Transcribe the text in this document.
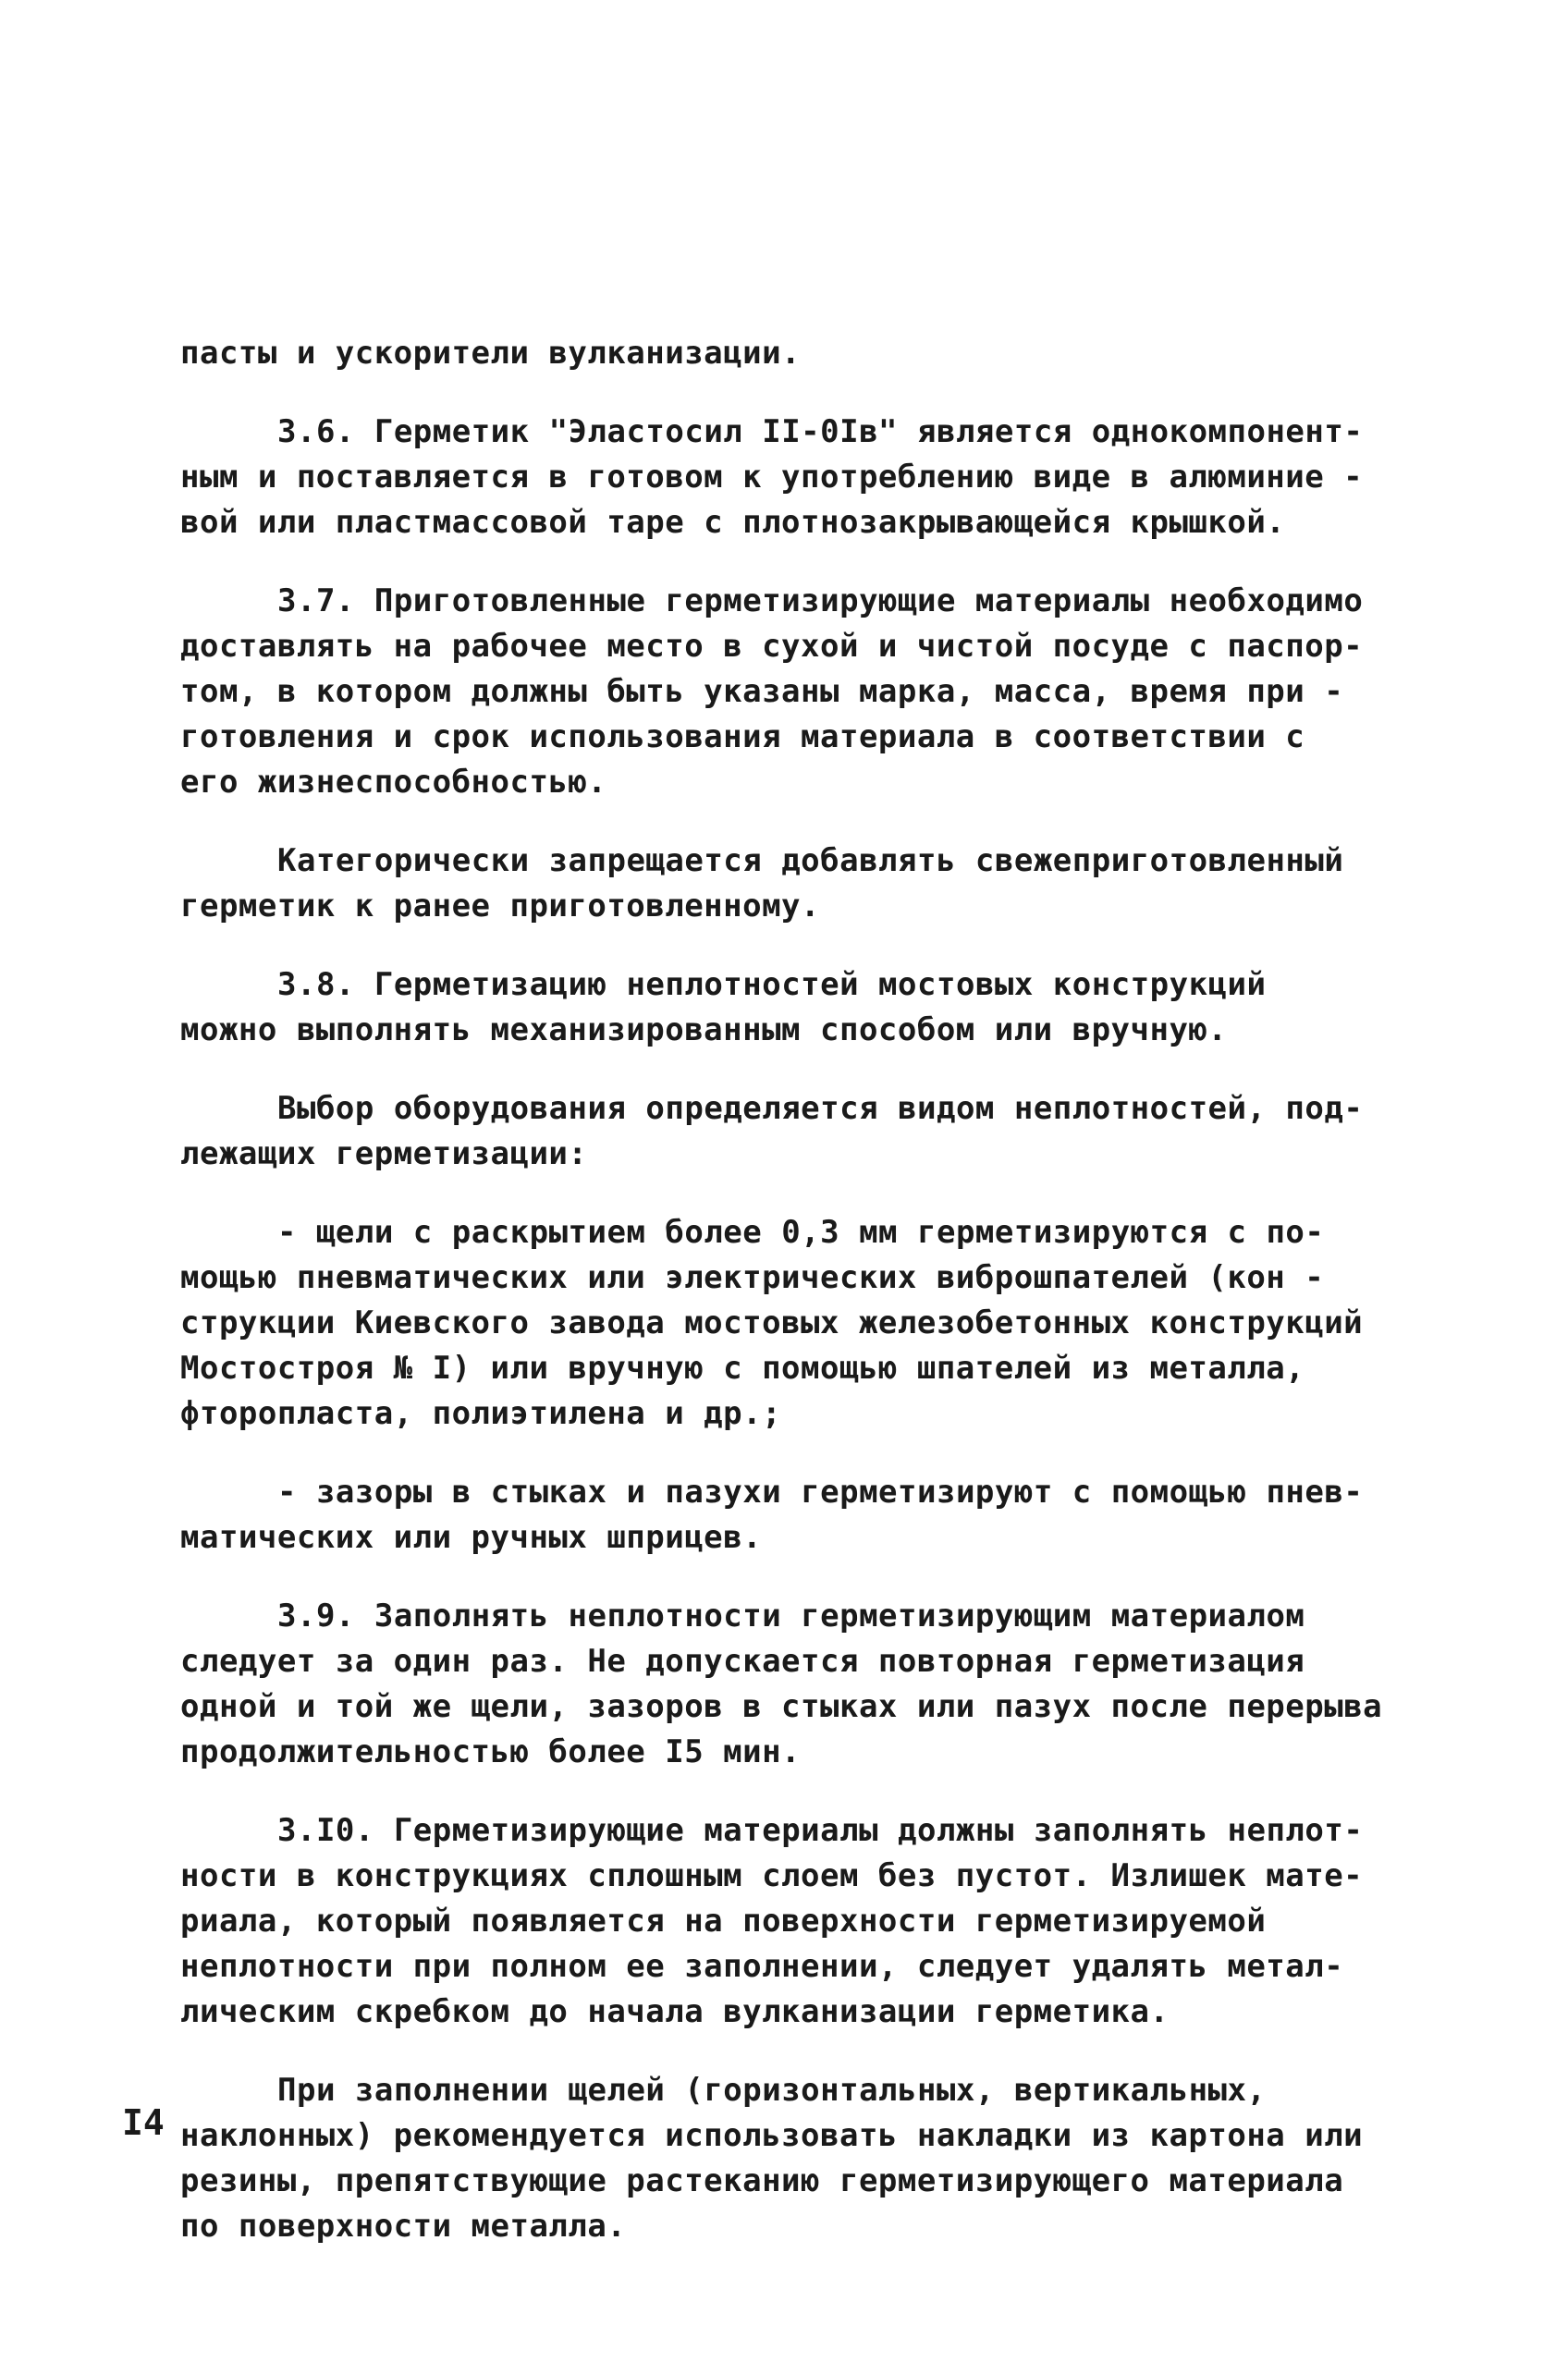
пасты и ускорители вулканизации.
3.6. Герметик "Эластосил II-0Iв" является однокомпонент-
ным и поставляется в готовом к употреблению виде в алюминие -
вой или пластмассовой таре с плотнозакрывающейся крышкой.
3.7. Приготовленные герметизирующие материалы необходимо
доставлять на рабочее место в сухой и чистой посуде с паспор-
том, в котором должны быть указаны марка, масса, время при -
готовления и срок использования материала в соответствии с
его жизнеспособностью.
Категорически запрещается добавлять свежеприготовленный
герметик к ранее приготовленному.
3.8. Герметизацию неплотностей мостовых конструкций
можно выполнять механизированным способом или вручную.
Выбор оборудования определяется видом неплотностей, под-
лежащих герметизации:
- щели с раскрытием более 0,3 мм герметизируются с по-
мощью пневматических или электрических виброшпателей (кон -
струкции Киевского завода мостовых железобетонных конструкций
Мостостроя № I) или вручную с помощью шпателей из металла,
фторопласта, полиэтилена и др.;
- зазоры в стыках и пазухи герметизируют с помощью пнев-
матических или ручных шприцев.
3.9. Заполнять неплотности герметизирующим материалом
следует за один раз. Не допускается повторная герметизация
одной и той же щели, зазоров в стыках или пазух после перерыва
продолжительностью более I5 мин.
3.I0. Герметизирующие материалы должны заполнять неплот-
ности в конструкциях сплошным слоем без пустот. Излишек мате-
риала, который появляется на поверхности герметизируемой
неплотности при полном ее заполнении, следует удалять метал-
лическим скребком до начала вулканизации герметика.
При заполнении щелей (горизонтальных, вертикальных,
наклонных) рекомендуется использовать накладки из картона или
резины, препятствующие растеканию герметизирующего материала
по поверхности металла.
I4
